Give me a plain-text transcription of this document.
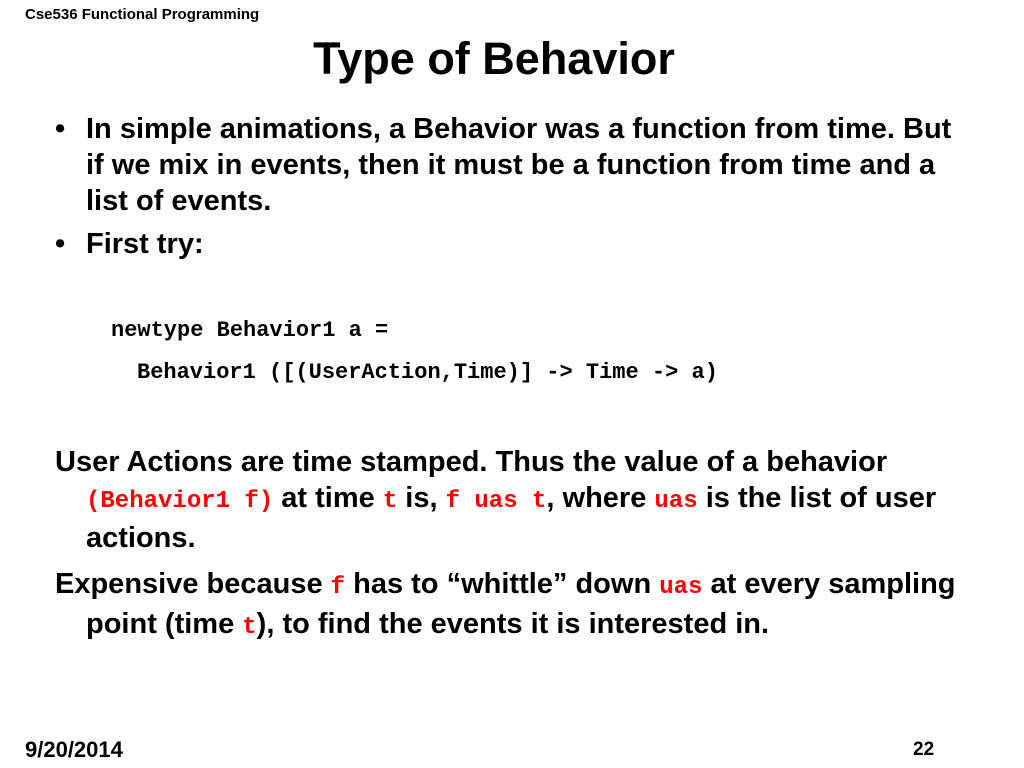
Cse536 Functional Programming
Type of Behavior
• In simple animations, a Behavior was a function from time. But if we mix in events, then it must be a function from time and a list of events.
• First try:
newtype Behavior1 a =
Behavior1 ([(UserAction,Time)] -> Time -> a)
User Actions are time stamped. Thus the value of a behavior (Behavior1 f) at time t is, f uas t, where uas is the list of user actions.
Expensive because f has to “whittle” down uas at every sampling point (time t), to find the events it is interested in.
9/20/2014	22
